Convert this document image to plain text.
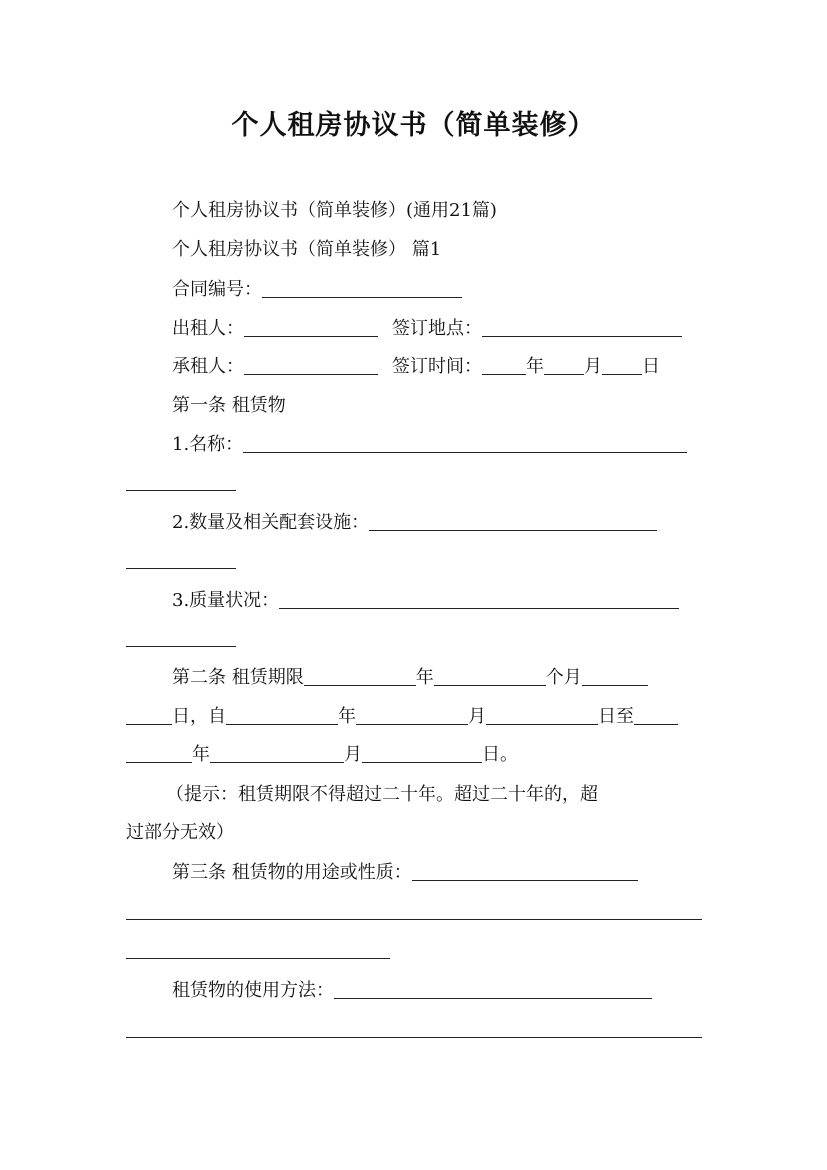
个人租房协议书（简单装修）
个人租房协议书（简单装修）(通用21篇)
个人租房协议书（简单装修） 篇1
合同编号：
出租人：	签订地点：
承租人：	签订时间： 年 月 日
第一条 租赁物
1.名称：
2.数量及相关配套设施：
3.质量状况：
第二条 租赁期限	年	个月
日，自	年	月	日至
年	月	日。
（提示：租赁期限不得超过二十年。超过二十年的，超
过部分无效）
第三条 租赁物的用途或性质：
租赁物的使用方法：
